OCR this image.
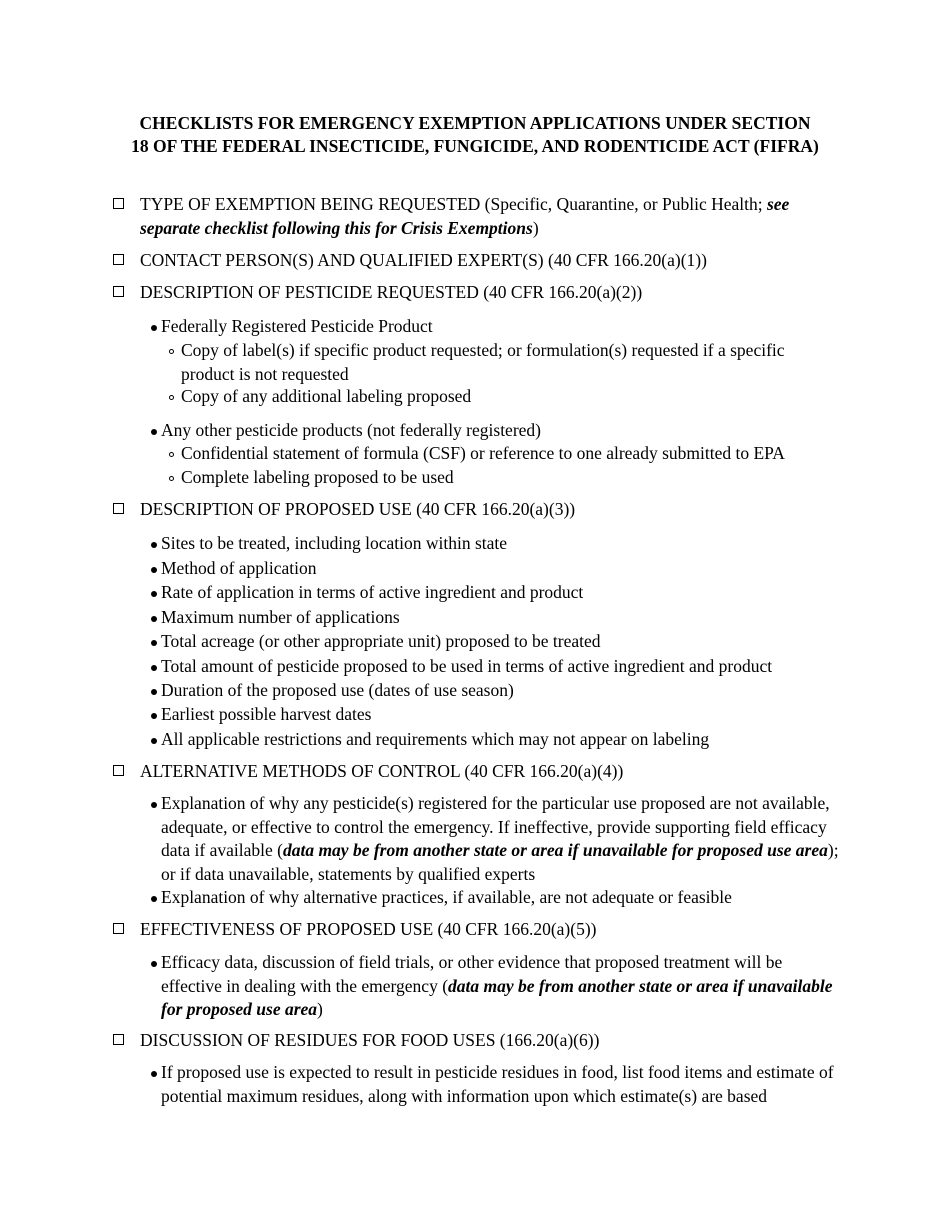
CHECKLISTS FOR EMERGENCY EXEMPTION APPLICATIONS UNDER SECTION
18 OF THE FEDERAL INSECTICIDE, FUNGICIDE, AND RODENTICIDE ACT (FIFRA)
TYPE OF EXEMPTION BEING REQUESTED (Specific, Quarantine, or Public Health; see separate checklist following this for Crisis Exemptions)
CONTACT PERSON(S) AND QUALIFIED EXPERT(S) (40 CFR 166.20(a)(1))
DESCRIPTION OF PESTICIDE REQUESTED (40 CFR 166.20(a)(2))
Federally Registered Pesticide Product
Copy of label(s) if specific product requested; or formulation(s) requested if a specific product is not requested
Copy of any additional labeling proposed
Any other pesticide products (not federally registered)
Confidential statement of formula (CSF) or reference to one already submitted to EPA
Complete labeling proposed to be used
DESCRIPTION OF PROPOSED USE (40 CFR 166.20(a)(3))
Sites to be treated, including location within state
Method of application
Rate of application in terms of active ingredient and product
Maximum number of applications
Total acreage (or other appropriate unit) proposed to be treated
Total amount of pesticide proposed to be used in terms of active ingredient and product
Duration of the proposed use (dates of use season)
Earliest possible harvest dates
All applicable restrictions and requirements which may not appear on labeling
ALTERNATIVE METHODS OF CONTROL (40 CFR 166.20(a)(4))
Explanation of why any pesticide(s) registered for the particular use proposed are not available, adequate, or effective to control the emergency. If ineffective, provide supporting field efficacy data if available (data may be from another state or area if unavailable for proposed use area); or if data unavailable, statements by qualified experts
Explanation of why alternative practices, if available, are not adequate or feasible
EFFECTIVENESS OF PROPOSED USE (40 CFR 166.20(a)(5))
Efficacy data, discussion of field trials, or other evidence that proposed treatment will be effective in dealing with the emergency (data may be from another state or area if unavailable for proposed use area)
DISCUSSION OF RESIDUES FOR FOOD USES (166.20(a)(6))
If proposed use is expected to result in pesticide residues in food, list food items and estimate of potential maximum residues, along with information upon which estimate(s) are based
